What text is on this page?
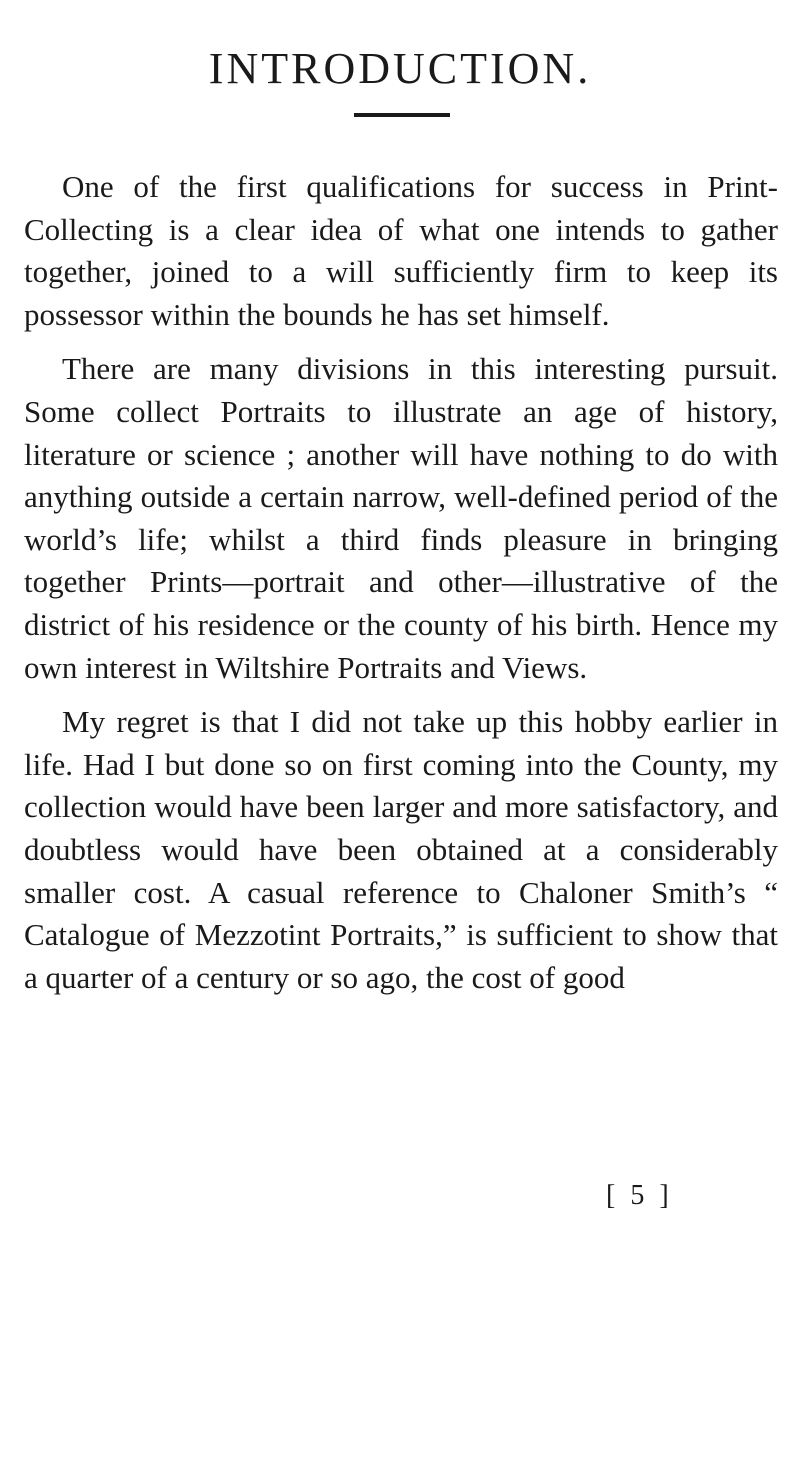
INTRODUCTION.

One of the first qualifications for success in Print-Collecting is a clear idea of what one intends to gather together, joined to a will sufficiently firm to keep its possessor within the bounds he has set himself.

There are many divisions in this interesting pursuit. Some collect Portraits to illustrate an age of history, literature or science ; another will have nothing to do with anything outside a certain narrow, well-defined period of the world’s life; whilst a third finds pleasure in bringing together Prints—portrait and other—illustrative of the district of his residence or the county of his birth. Hence my own interest in Wiltshire Portraits and Views.

My regret is that I did not take up this hobby earlier in life. Had I but done so on first coming into the County, my collection would have been larger and more satisfactory, and doubtless would have been obtained at a considerably smaller cost. A casual reference to Chaloner Smith’s “ Catalogue of Mezzotint Portraits,” is sufficient to show that a quarter of a century or so ago, the cost of good

[ 5 ]
